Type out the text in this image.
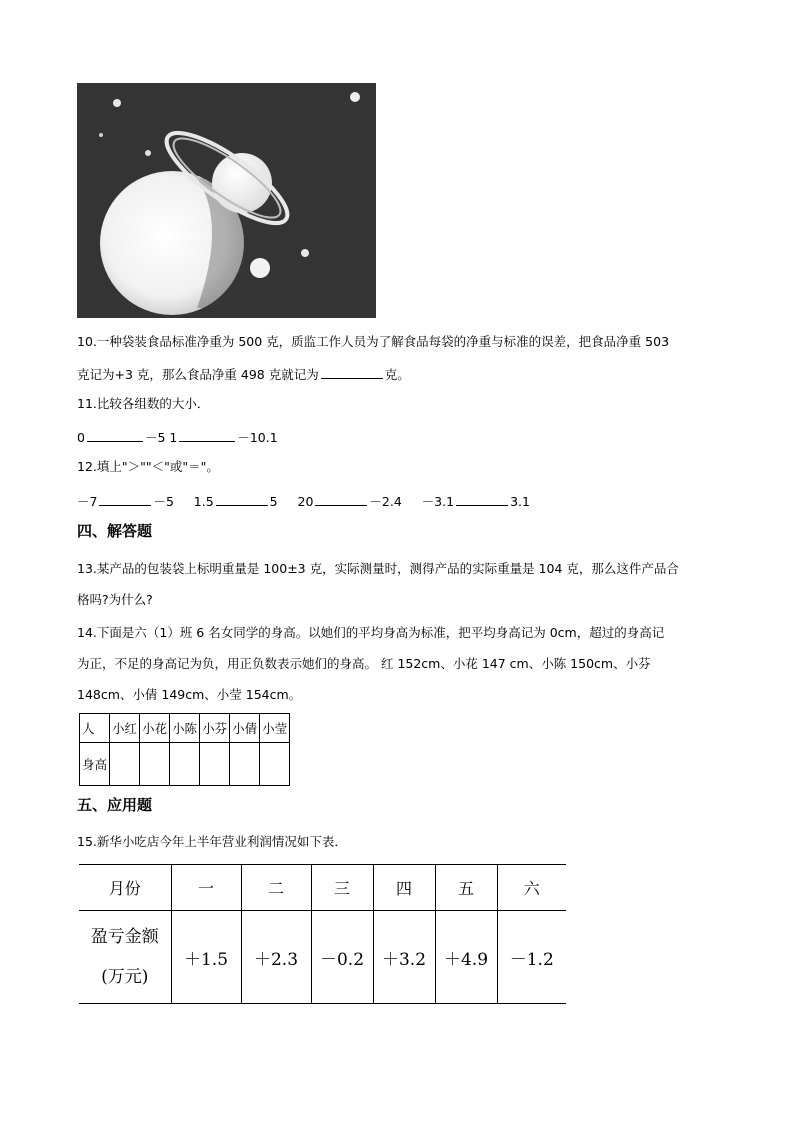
10.一种袋装食品标准净重为 500 克，质监工作人员为了解食品每袋的净重与标准的误差，把食品净重 503
克记为+3 克，那么食品净重 498 克就记为	克。
11.比较各组数的大小．
0	－5 1	－10.1
12.填上"＞""＜"或"＝"。
－7	－5 1.5	5 20	－2.4 －3.1	3.1
四、解答题
13.某产品的包装袋上标明重量是 100±3 克，实际测量时，测得产品的实际重量是 104 克，那么这件产品合
格吗?为什么?
14.下面是六（1）班 6 名女同学的身高。以她们的平均身高为标准，把平均身高记为 0cm，超过的身高记
为正，不足的身高记为负，用正负数表示她们的身高。 红 152cm、小花 147 cm、小陈 150cm、小芬
148cm、小倩 149cm、小莹 154cm。
人	小红	小花	小陈	小芬	小倩	小莹
身高						
五、应用题
15.新华小吃店今年上半年营业利润情况如下表．
月份	一	二	三	四	五	六
盈亏金额
(万元)	＋1.5	＋2.3	－0.2	＋3.2	＋4.9	－1.2
